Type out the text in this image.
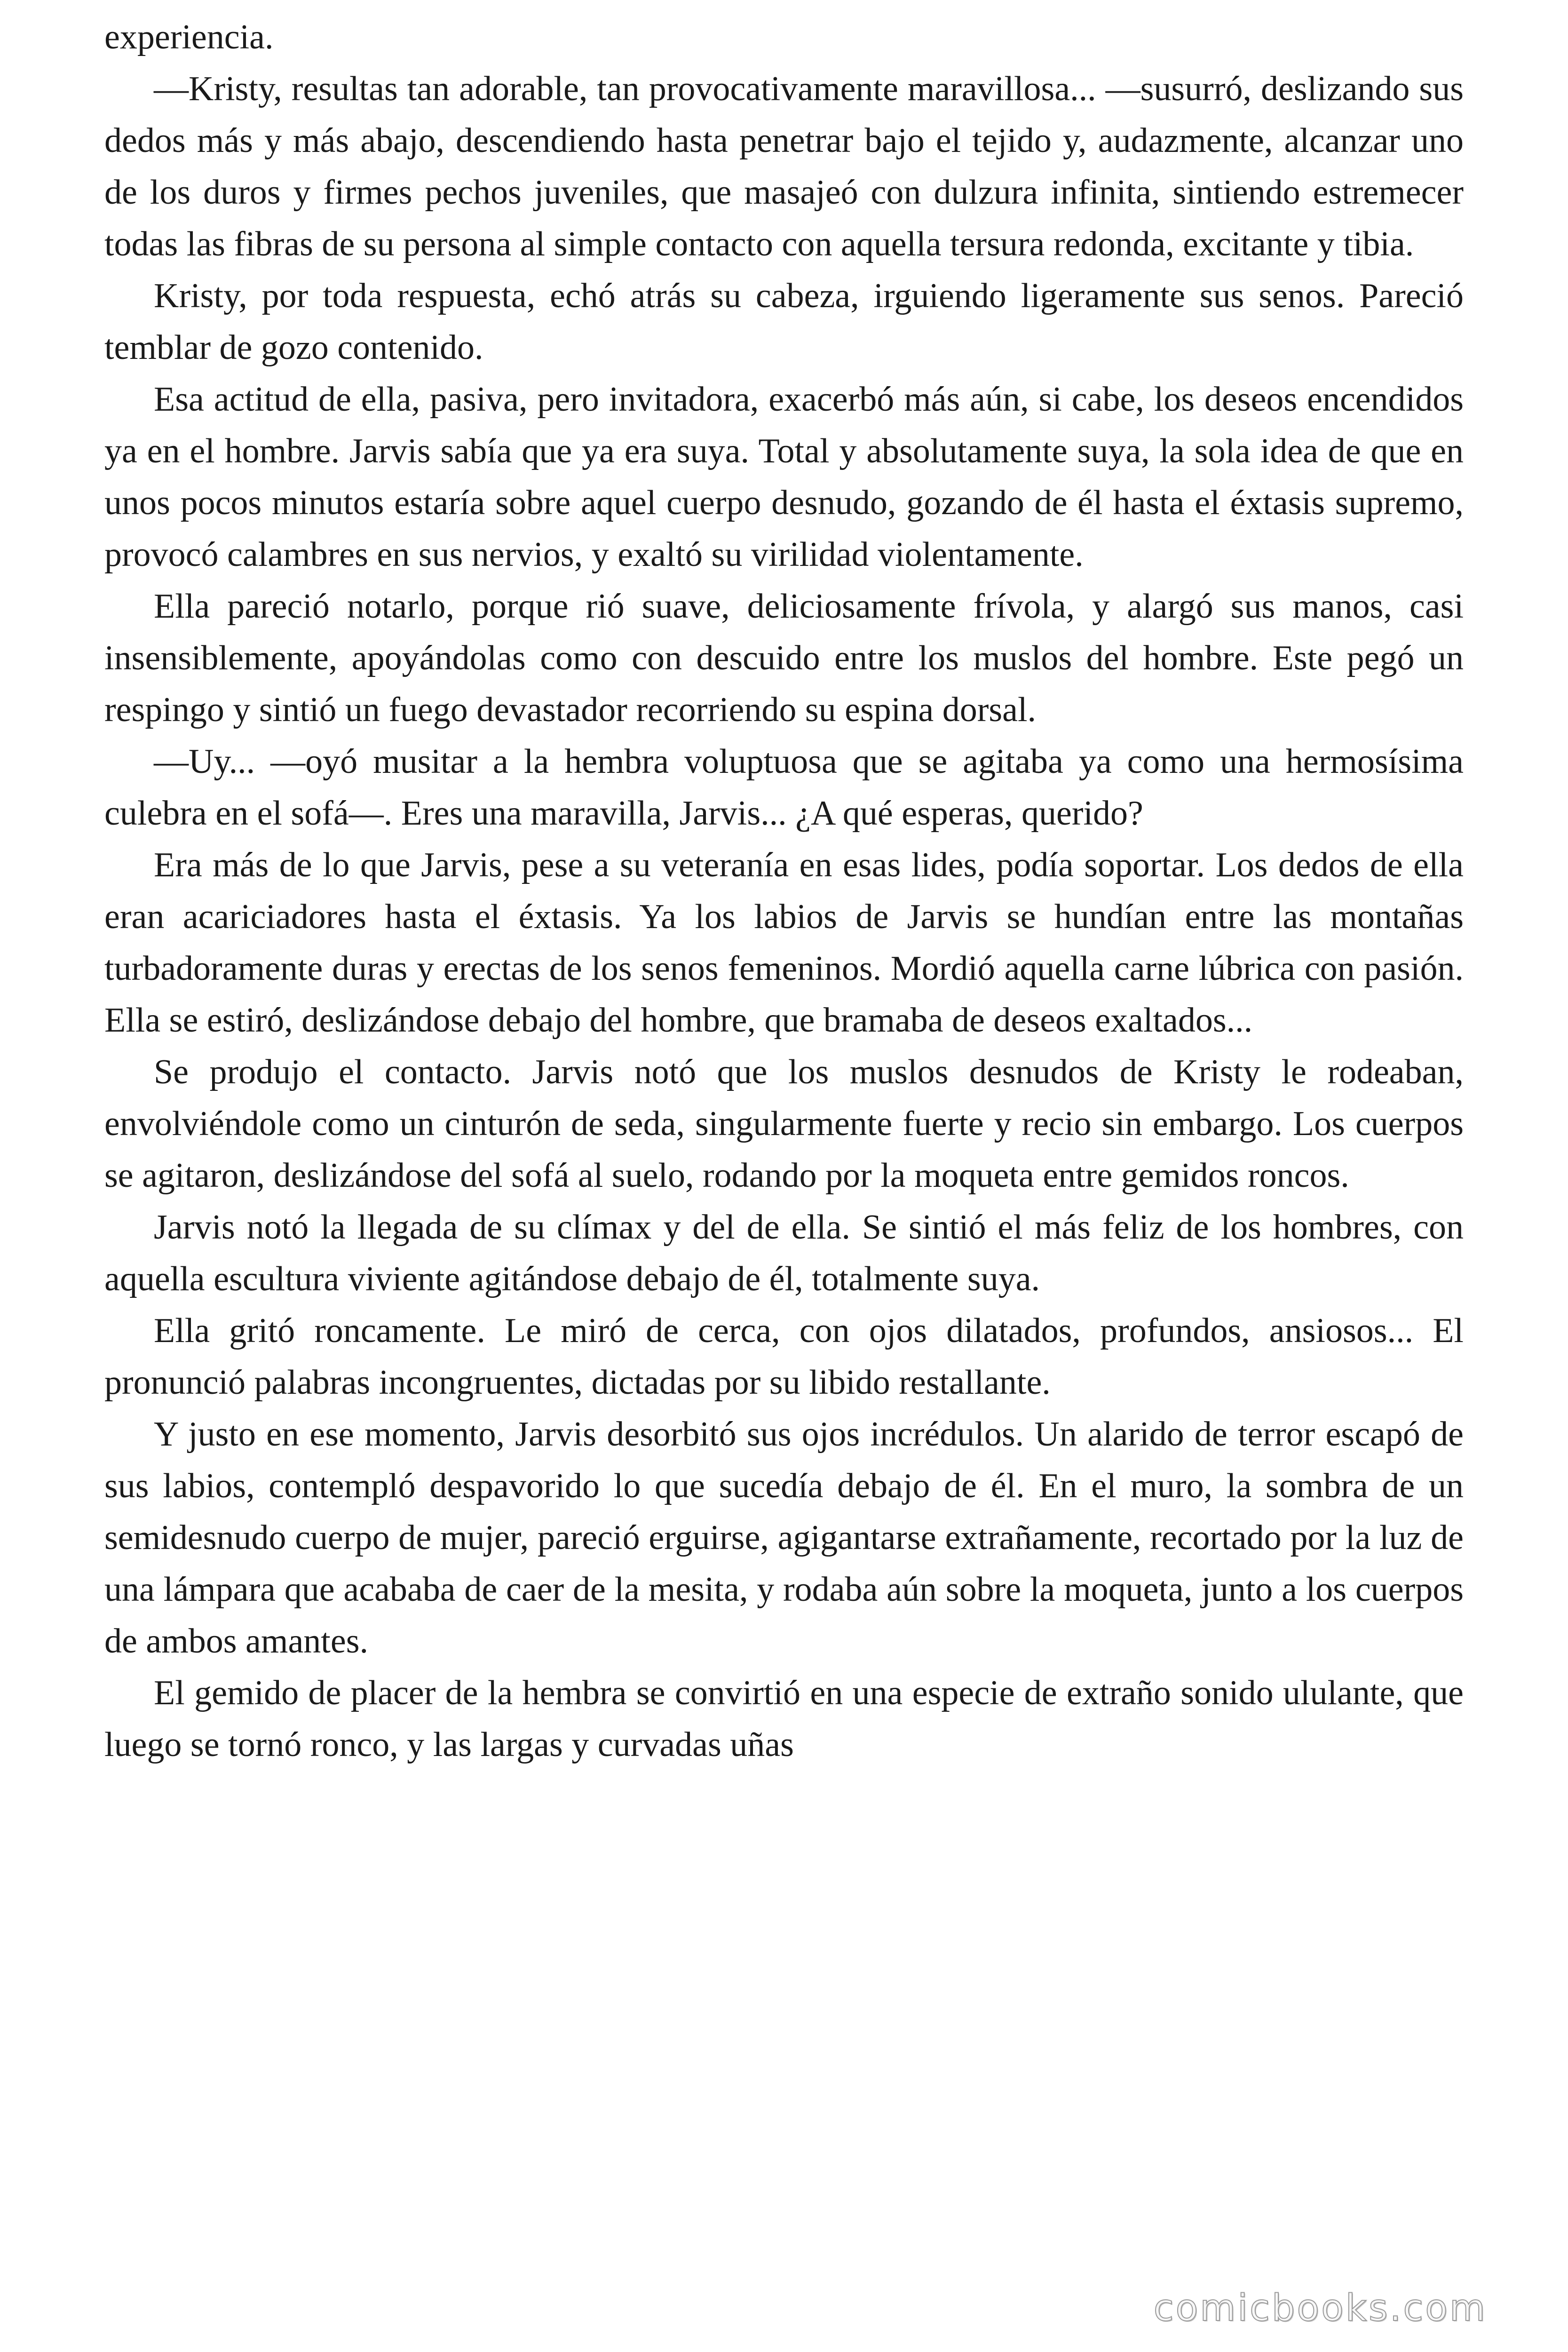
experiencia.

—Kristy, resultas tan adorable, tan provocativamente maravillosa... —susurró, deslizando sus dedos más y más abajo, descendiendo hasta penetrar bajo el tejido y, audazmente, alcanzar uno de los duros y firmes pechos juveniles, que masajeó con dulzura infinita, sintiendo estremecer todas las fibras de su persona al simple contacto con aquella tersura redonda, excitante y tibia.

Kristy, por toda respuesta, echó atrás su cabeza, irguiendo ligeramente sus senos. Pareció temblar de gozo contenido.

Esa actitud de ella, pasiva, pero invitadora, exacerbó más aún, si cabe, los deseos encendidos ya en el hombre. Jarvis sabía que ya era suya. Total y absolutamente suya, la sola idea de que en unos pocos minutos estaría sobre aquel cuerpo desnudo, gozando de él hasta el éxtasis supremo, provocó calambres en sus nervios, y exaltó su virilidad violentamente.

Ella pareció notarlo, porque rió suave, deliciosamente frívola, y alargó sus manos, casi insensiblemente, apoyándolas como con descuido entre los muslos del hombre. Este pegó un respingo y sintió un fuego devastador recorriendo su espina dorsal.

—Uy... —oyó musitar a la hembra voluptuosa que se agitaba ya como una hermosísima culebra en el sofá—. Eres una maravilla, Jarvis... ¿A qué esperas, querido?

Era más de lo que Jarvis, pese a su veteranía en esas lides, podía soportar. Los dedos de ella eran acariciadores hasta el éxtasis. Ya los labios de Jarvis se hundían entre las montañas turbadoramente duras y erectas de los senos femeninos. Mordió aquella carne lúbrica con pasión. Ella se estiró, deslizándose debajo del hombre, que bramaba de deseos exaltados...

Se produjo el contacto. Jarvis notó que los muslos desnudos de Kristy le rodeaban, envolviéndole como un cinturón de seda, singularmente fuerte y recio sin embargo. Los cuerpos se agitaron, deslizándose del sofá al suelo, rodando por la moqueta entre gemidos roncos.

Jarvis notó la llegada de su clímax y del de ella. Se sintió el más feliz de los hombres, con aquella escultura viviente agitándose debajo de él, totalmente suya.

Ella gritó roncamente. Le miró de cerca, con ojos dilatados, profundos, ansiosos... El pronunció palabras incongruentes, dictadas por su libido restallante.

Y justo en ese momento, Jarvis desorbitó sus ojos incrédulos. Un alarido de terror escapó de sus labios, contempló despavorido lo que sucedía debajo de él. En el muro, la sombra de un semidesnudo cuerpo de mujer, pareció erguirse, agigantarse extrañamente, recortado por la luz de una lámpara que acababa de caer de la mesita, y rodaba aún sobre la moqueta, junto a los cuerpos de ambos amantes.

El gemido de placer de la hembra se convirtió en una especie de extraño sonido ululante, que luego se tornó ronco, y las largas y curvadas uñas

comicbooks.com
